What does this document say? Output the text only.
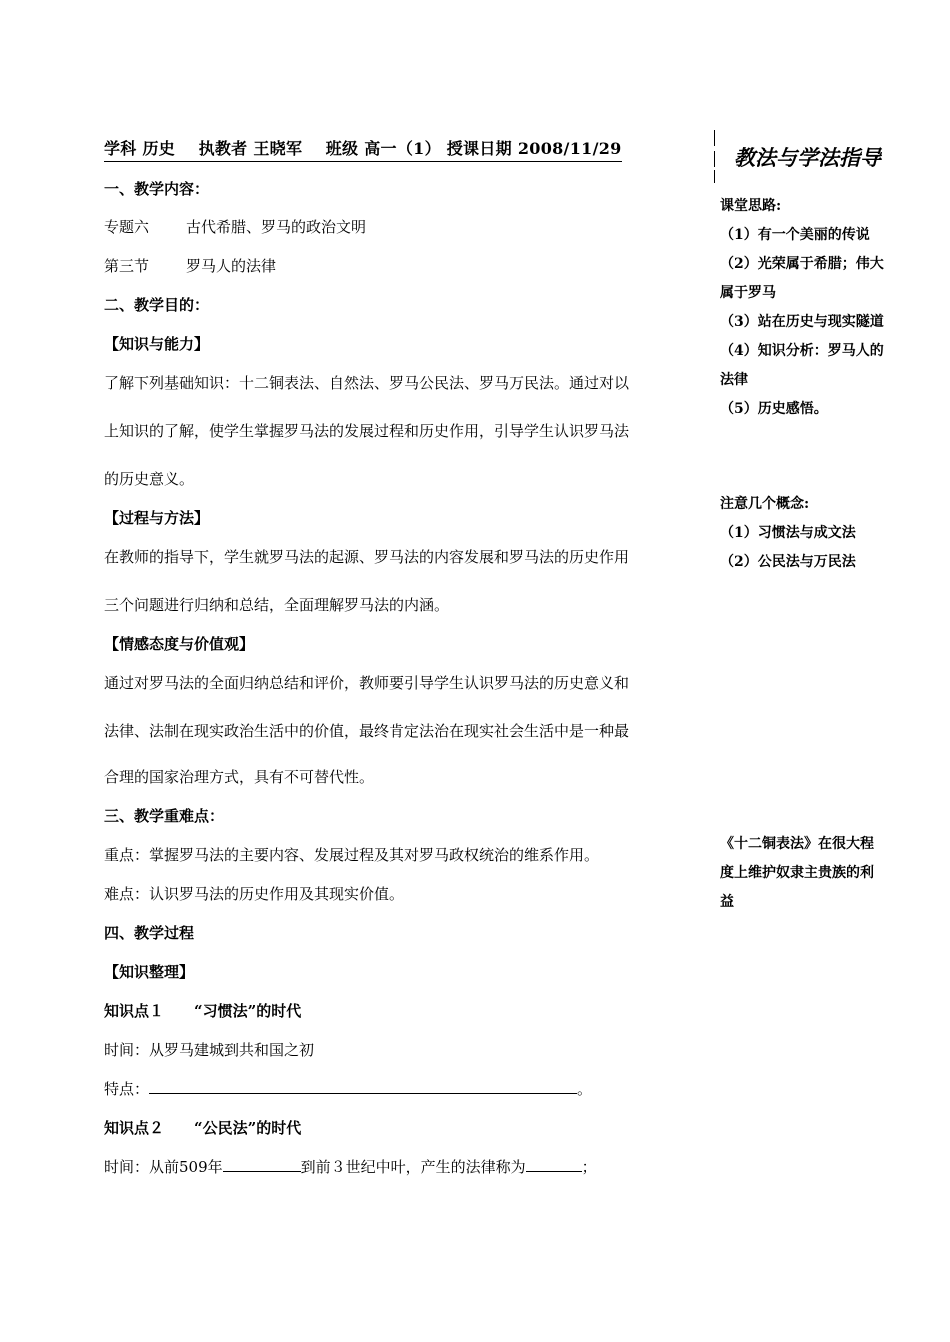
学科 历史 执教者 王晓军 班级 高一（1） 授课日期 2008/11/29
一、教学内容：
专题六 古代希腊、罗马的政治文明
第三节 罗马人的法律
二、教学目的：
【知识与能力】
了解下列基础知识：十二铜表法、自然法、罗马公民法、罗马万民法。通过对以
上知识的了解，使学生掌握罗马法的发展过程和历史作用，引导学生认识罗马法
的历史意义。
【过程与方法】
在教师的指导下，学生就罗马法的起源、罗马法的内容发展和罗马法的历史作用
三个问题进行归纳和总结，全面理解罗马法的内涵。
【情感态度与价值观】
通过对罗马法的全面归纳总结和评价，教师要引导学生认识罗马法的历史意义和
法律、法制在现实政治生活中的价值，最终肯定法治在现实社会生活中是一种最
合理的国家治理方式，具有不可替代性。
三、教学重难点：
重点：掌握罗马法的主要内容、发展过程及其对罗马政权统治的维系作用。
难点：认识罗马法的历史作用及其现实价值。
四、教学过程
【知识整理】
知识点１　　“习惯法”的时代
时间：从罗马建城到共和国之初
特点：	。
知识点２　　“公民法”的时代
时间：从前509年	到前３世纪中叶，产生的法律称为	；
教法与学法指导
课堂思路:
（1）有一个美丽的传说
（2）光荣属于希腊；伟大
属于罗马
（3）站在历史与现实隧道
（4）知识分析：罗马人的
法律
（5）历史感悟。
注意几个概念:
（1）习惯法与成文法
（2）公民法与万民法
《十二铜表法》在很大程
度上维护奴隶主贵族的利
益
